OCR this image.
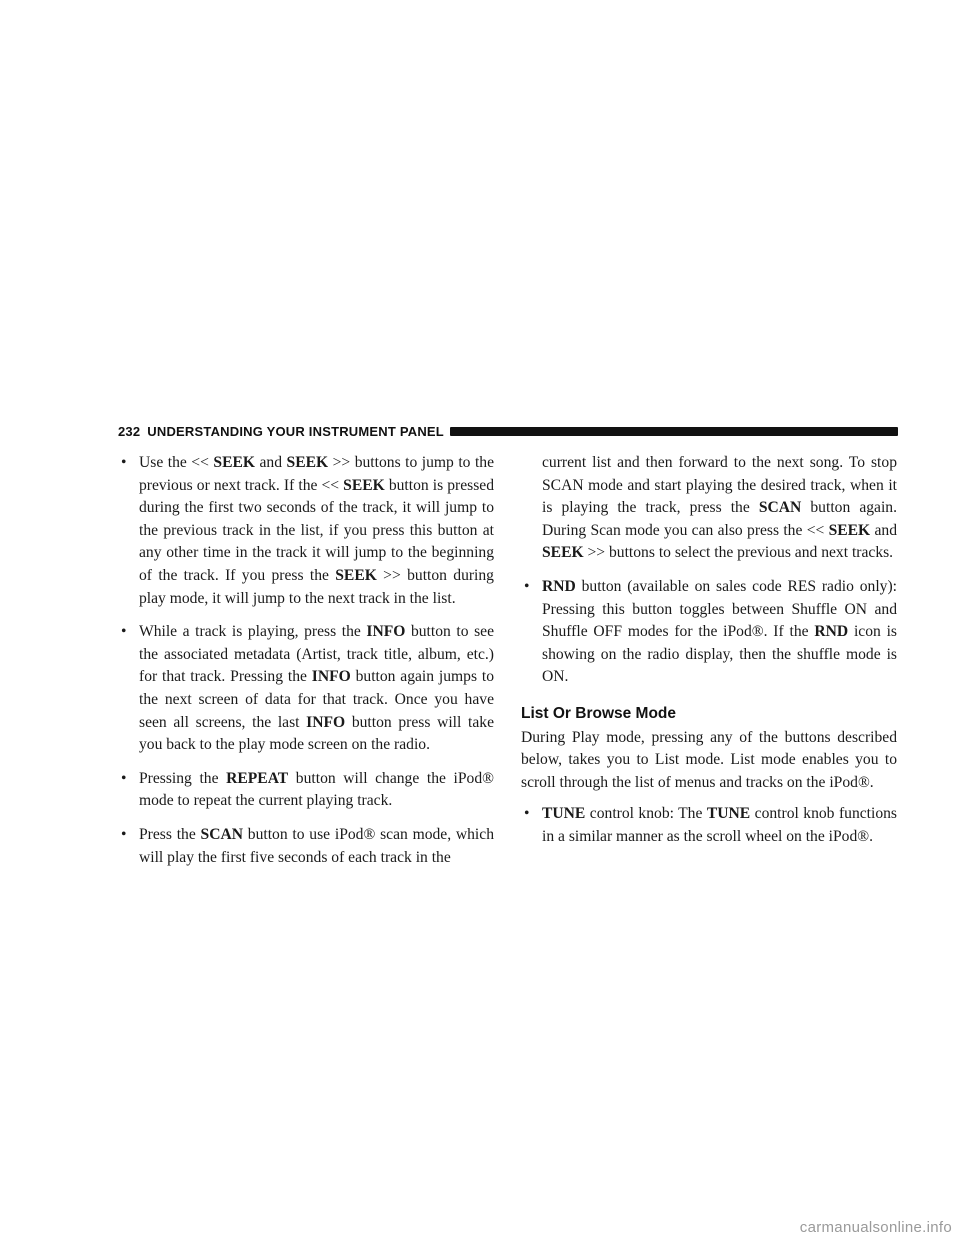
232 UNDERSTANDING YOUR INSTRUMENT PANEL

• Use the << SEEK and SEEK >> buttons to jump to the previous or next track. If the << SEEK button is pressed during the first two seconds of the track, it will jump to the previous track in the list, if you press this button at any other time in the track it will jump to the beginning of the track. If you press the SEEK >> button during play mode, it will jump to the next track in the list.

• While a track is playing, press the INFO button to see the associated metadata (Artist, track title, album, etc.) for that track. Pressing the INFO button again jumps to the next screen of data for that track. Once you have seen all screens, the last INFO button press will take you back to the play mode screen on the radio.

• Pressing the REPEAT button will change the iPod® mode to repeat the current playing track.

• Press the SCAN button to use iPod® scan mode, which will play the first five seconds of each track in the

current list and then forward to the next song. To stop SCAN mode and start playing the desired track, when it is playing the track, press the SCAN button again. During Scan mode you can also press the << SEEK and SEEK >> buttons to select the previous and next tracks.

• RND button (available on sales code RES radio only): Pressing this button toggles between Shuffle ON and Shuffle OFF modes for the iPod®. If the RND icon is showing on the radio display, then the shuffle mode is ON.

List Or Browse Mode

During Play mode, pressing any of the buttons described below, takes you to List mode. List mode enables you to scroll through the list of menus and tracks on the iPod®.

• TUNE control knob: The TUNE control knob functions in a similar manner as the scroll wheel on the iPod®.

carmanualsonline.info
